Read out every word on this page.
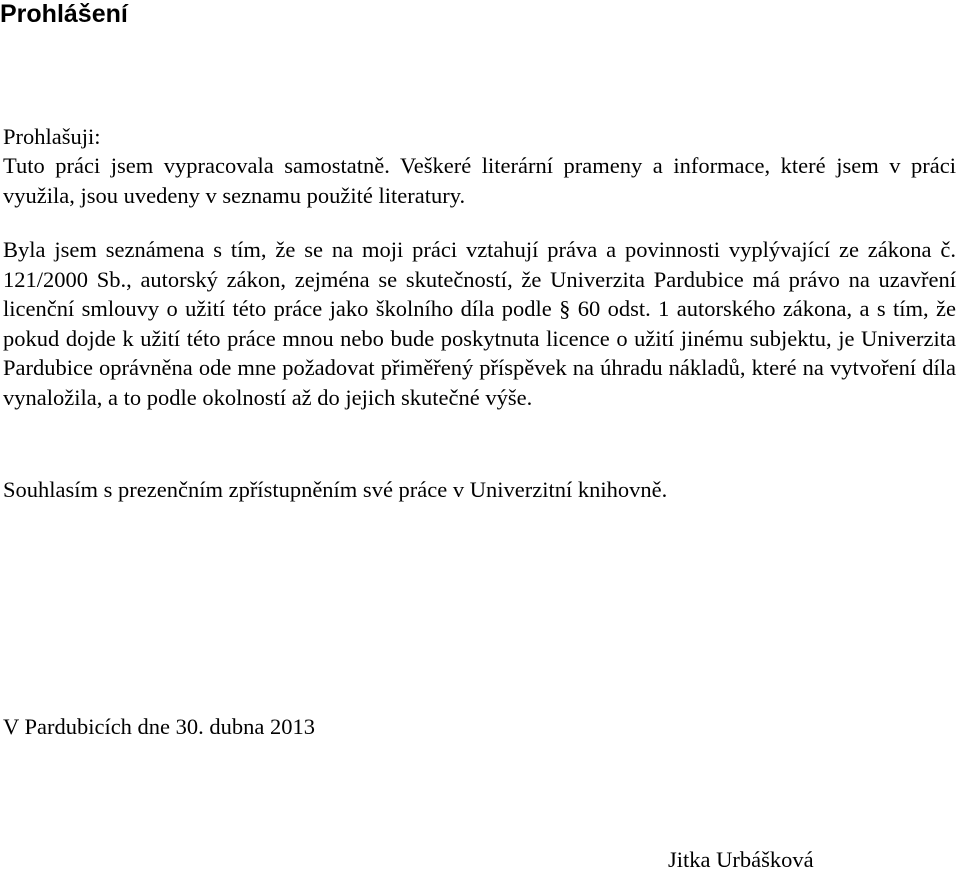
Prohlášení

Prohlašuji:

Tuto práci jsem vypracovala samostatně. Veškeré literární prameny a informace, které jsem v práci využila, jsou uvedeny v seznamu použité literatury.

Byla jsem seznámena s tím, že se na moji práci vztahují práva a povinnosti vyplývající ze zákona č. 121/2000 Sb., autorský zákon, zejména se skutečností, že Univerzita Pardubice má právo na uzavření licenční smlouvy o užití této práce jako školního díla podle § 60 odst. 1 autorského zákona, a s tím, že pokud dojde k užití této práce mnou nebo bude poskytnuta licence o užití jinému subjektu, je Univerzita Pardubice oprávněna ode mne požadovat přiměřený příspěvek na úhradu nákladů, které na vytvoření díla vynaložila, a to podle okolností až do jejich skutečné výše.

Souhlasím s prezenčním zpřístupněním své práce v Univerzitní knihovně.

V Pardubicích dne 30. dubna 2013

Jitka Urbášková
